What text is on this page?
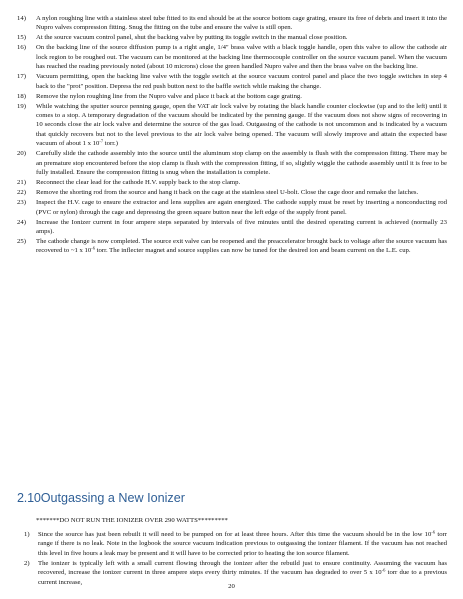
14)	A nylon roughing line with a stainless steel tube fitted to its end should be at the source bottom cage grating, ensure its free of debris and insert it into the Nupro valves compression fitting. Snug the fitting on the tube and ensure the valve is still open.
15)	At the source vacuum control panel, shut the backing valve by putting its toggle switch in the manual close position.
16)	On the backing line of the source diffusion pump is a right angle, 1/4" brass valve with a black toggle handle, open this valve to allow the cathode air lock region to be roughed out. The vacuum can be monitored at the backing line thermocouple controller on the source vacuum panel. When the vacuum has reached the reading previously noted (about 10 microns) close the green handled Nupro valve and then the brass valve on the backing line.
17)	Vacuum permitting, open the backing line valve with the toggle switch at the source vacuum control panel and place the two toggle switches in step 4 back to the "prot" position. Depress the red push button next to the baffle switch while making the change.
18)	Remove the nylon roughing line from the Nupro valve and place it back at the bottom cage grating.
19)	While watching the sputter source penning gauge, open the VAT air lock valve by rotating the black handle counter clockwise (up and to the left) until it comes to a stop. A temporary degradation of the vacuum should be indicated by the penning gauge. If the vacuum does not show signs of recovering in 10 seconds close the air lock valve and determine the source of the gas load. Outgassing of the cathode is not uncommon and is indicated by a vacuum that quickly recovers but not to the level previous to the air lock valve being opened. The vacuum will slowly improve and attain the expected base vacuum of about 1 x $10^{-7}$ torr.)
20)	Carefully slide the cathode assembly into the source until the aluminum stop clamp on the assembly is flush with the compression fitting. There may be an premature stop encountered before the stop clamp is flush with the compression fitting, if so, slightly wiggle the cathode assembly until it is free to be fully installed. Ensure the compression fitting is snug when the installation is complete.
21)	Reconnect the clear lead for the cathode H.V. supply back to the stop clamp.
22)	Remove the shorting rod from the source and hang it back on the cage at the stainless steel U-bolt. Close the cage door and remake the latches.
23)	Inspect the H.V. cage to ensure the extractor and lens supplies are again energized. The cathode supply must be reset by inserting a nonconducting rod (PVC or nylon) through the cage and depressing the green square button near the left edge of the supply front panel.
24)	Increase the Ionizer current in four ampere steps separated by intervals of five minutes until the desired operating current is achieved (normally 23 amps).
25)	The cathode change is now completed. The source exit valve can be reopened and the preaccelerator brought back to voltage after the source vacuum has recovered to ~1 x $10^{-6}$ torr. The inflecter magnet and source supplies can now be tuned for the desired ion and beam current on the L.E. cup.
2.10Outgassing a New Ionizer
*******DO NOT RUN THE IONIZER OVER 290 WATTS*********
1)	Since the source has just been rebuilt it will need to be pumped on for at least three hours. After this time the vacuum should be in the low $10^{-6}$ torr range if there is no leak. Note in the logbook the source vacuum indication previous to outgassing the ionizer filament. If the vacuum has not reached this level in five hours a leak may be present and it will have to be corrected prior to heating the ion source filament.
2)	The ionizer is typically left with a small current flowing through the ionizer after the rebuild just to ensure continuity. Assuming the vacuum has recovered, increase the ionizer current in three ampere steps every thirty minutes. If the vacuum has degraded to over 5 x $10^{-6}$ torr due to a previous current increase,
20
